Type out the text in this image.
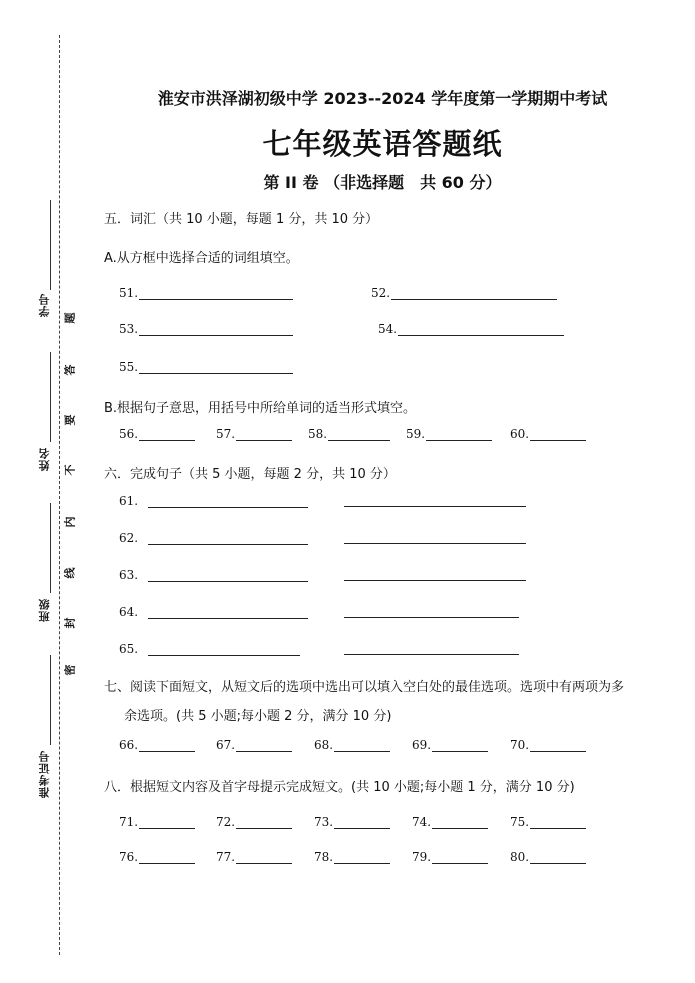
学号
姓名
班级
准考证号
密
封
线
内
不
要
答
题
淮安市洪泽湖初级中学 2023--2024 学年度第一学期期中考试
七年级英语答题纸
第 II 卷 （非选择题　共 60 分）
五．词汇（共 10 小题，每题 1 分，共 10 分）
A.从方框中选择合适的词组填空。
51.	52.
53.	54.
55.
B.根据句子意思，用括号中所给单词的适当形式填空。
56.	57.	58.	59.	60.
六．完成句子（共 5 小题，每题 2 分，共 10 分）
61.
62.
63.
64.
65.
七、阅读下面短文，从短文后的选项中选出可以填入空白处的最佳选项。选项中有两项为多
余选项。(共 5 小题;每小题 2 分，满分 10 分)
66.	67.	68.	69.	70.
八．根据短文内容及首字母提示完成短文。(共 10 小题;每小题 1 分，满分 10 分)
71.	72.	73.	74.	75.
76.	77.	78.	79.	80.
